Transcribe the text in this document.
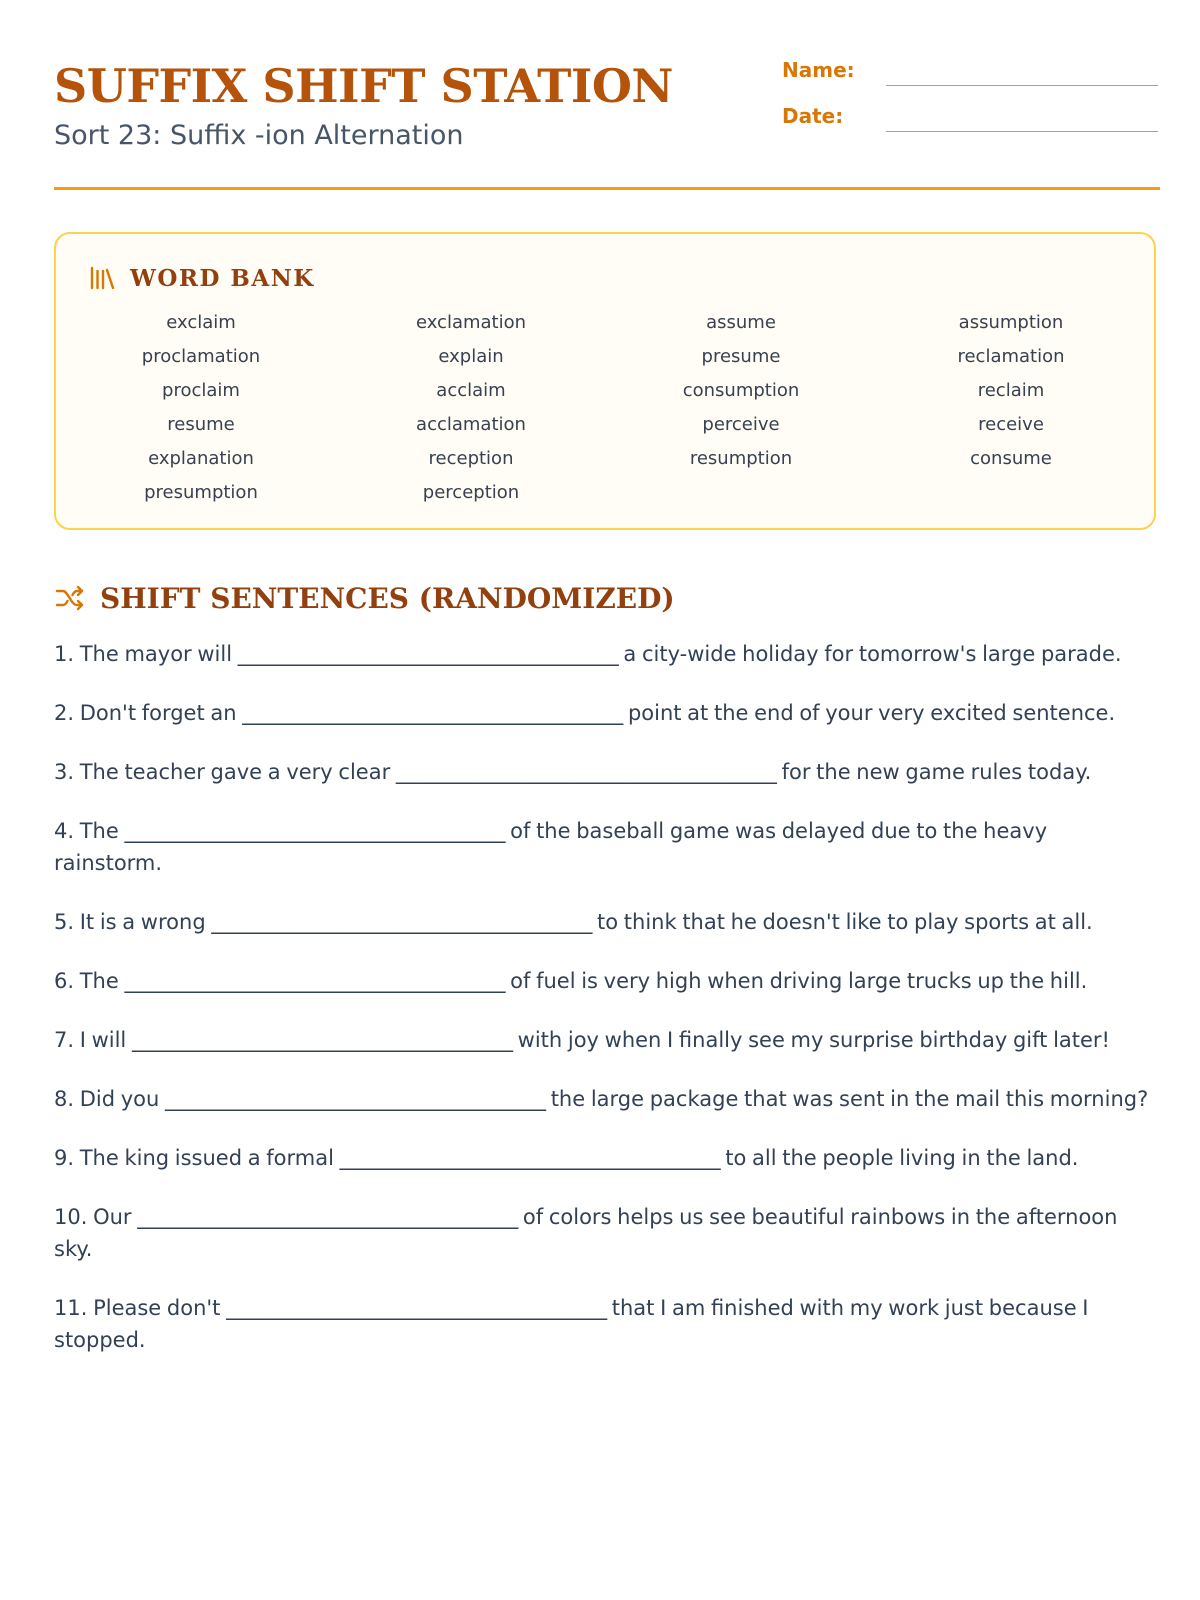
SUFFIX SHIFT STATION
Sort 23: Suffix -ion Alternation
Name:
Date:
WORD BANK
exclaim	exclamation	assume	assumption
proclamation	explain	presume	reclamation
proclaim	acclaim	consumption	reclaim
resume	acclamation	perceive	receive
explanation	reception	resumption	consume
presumption	perception
SHIFT SENTENCES (RANDOMIZED)
1. The mayor will ________________________________________ a city-wide holiday for tomorrow's large parade.
2. Don't forget an ________________________________________ point at the end of your very excited sentence.
3. The teacher gave a very clear ________________________________________ for the new game rules today.
4. The ________________________________________ of the baseball game was delayed due to the heavy rainstorm.
5. It is a wrong ________________________________________ to think that he doesn't like to play sports at all.
6. The ________________________________________ of fuel is very high when driving large trucks up the hill.
7. I will ________________________________________ with joy when I finally see my surprise birthday gift later!
8. Did you ________________________________________ the large package that was sent in the mail this morning?
9. The king issued a formal ________________________________________ to all the people living in the land.
10. Our ________________________________________ of colors helps us see beautiful rainbows in the afternoon sky.
11. Please don't ________________________________________ that I am finished with my work just because I stopped.
